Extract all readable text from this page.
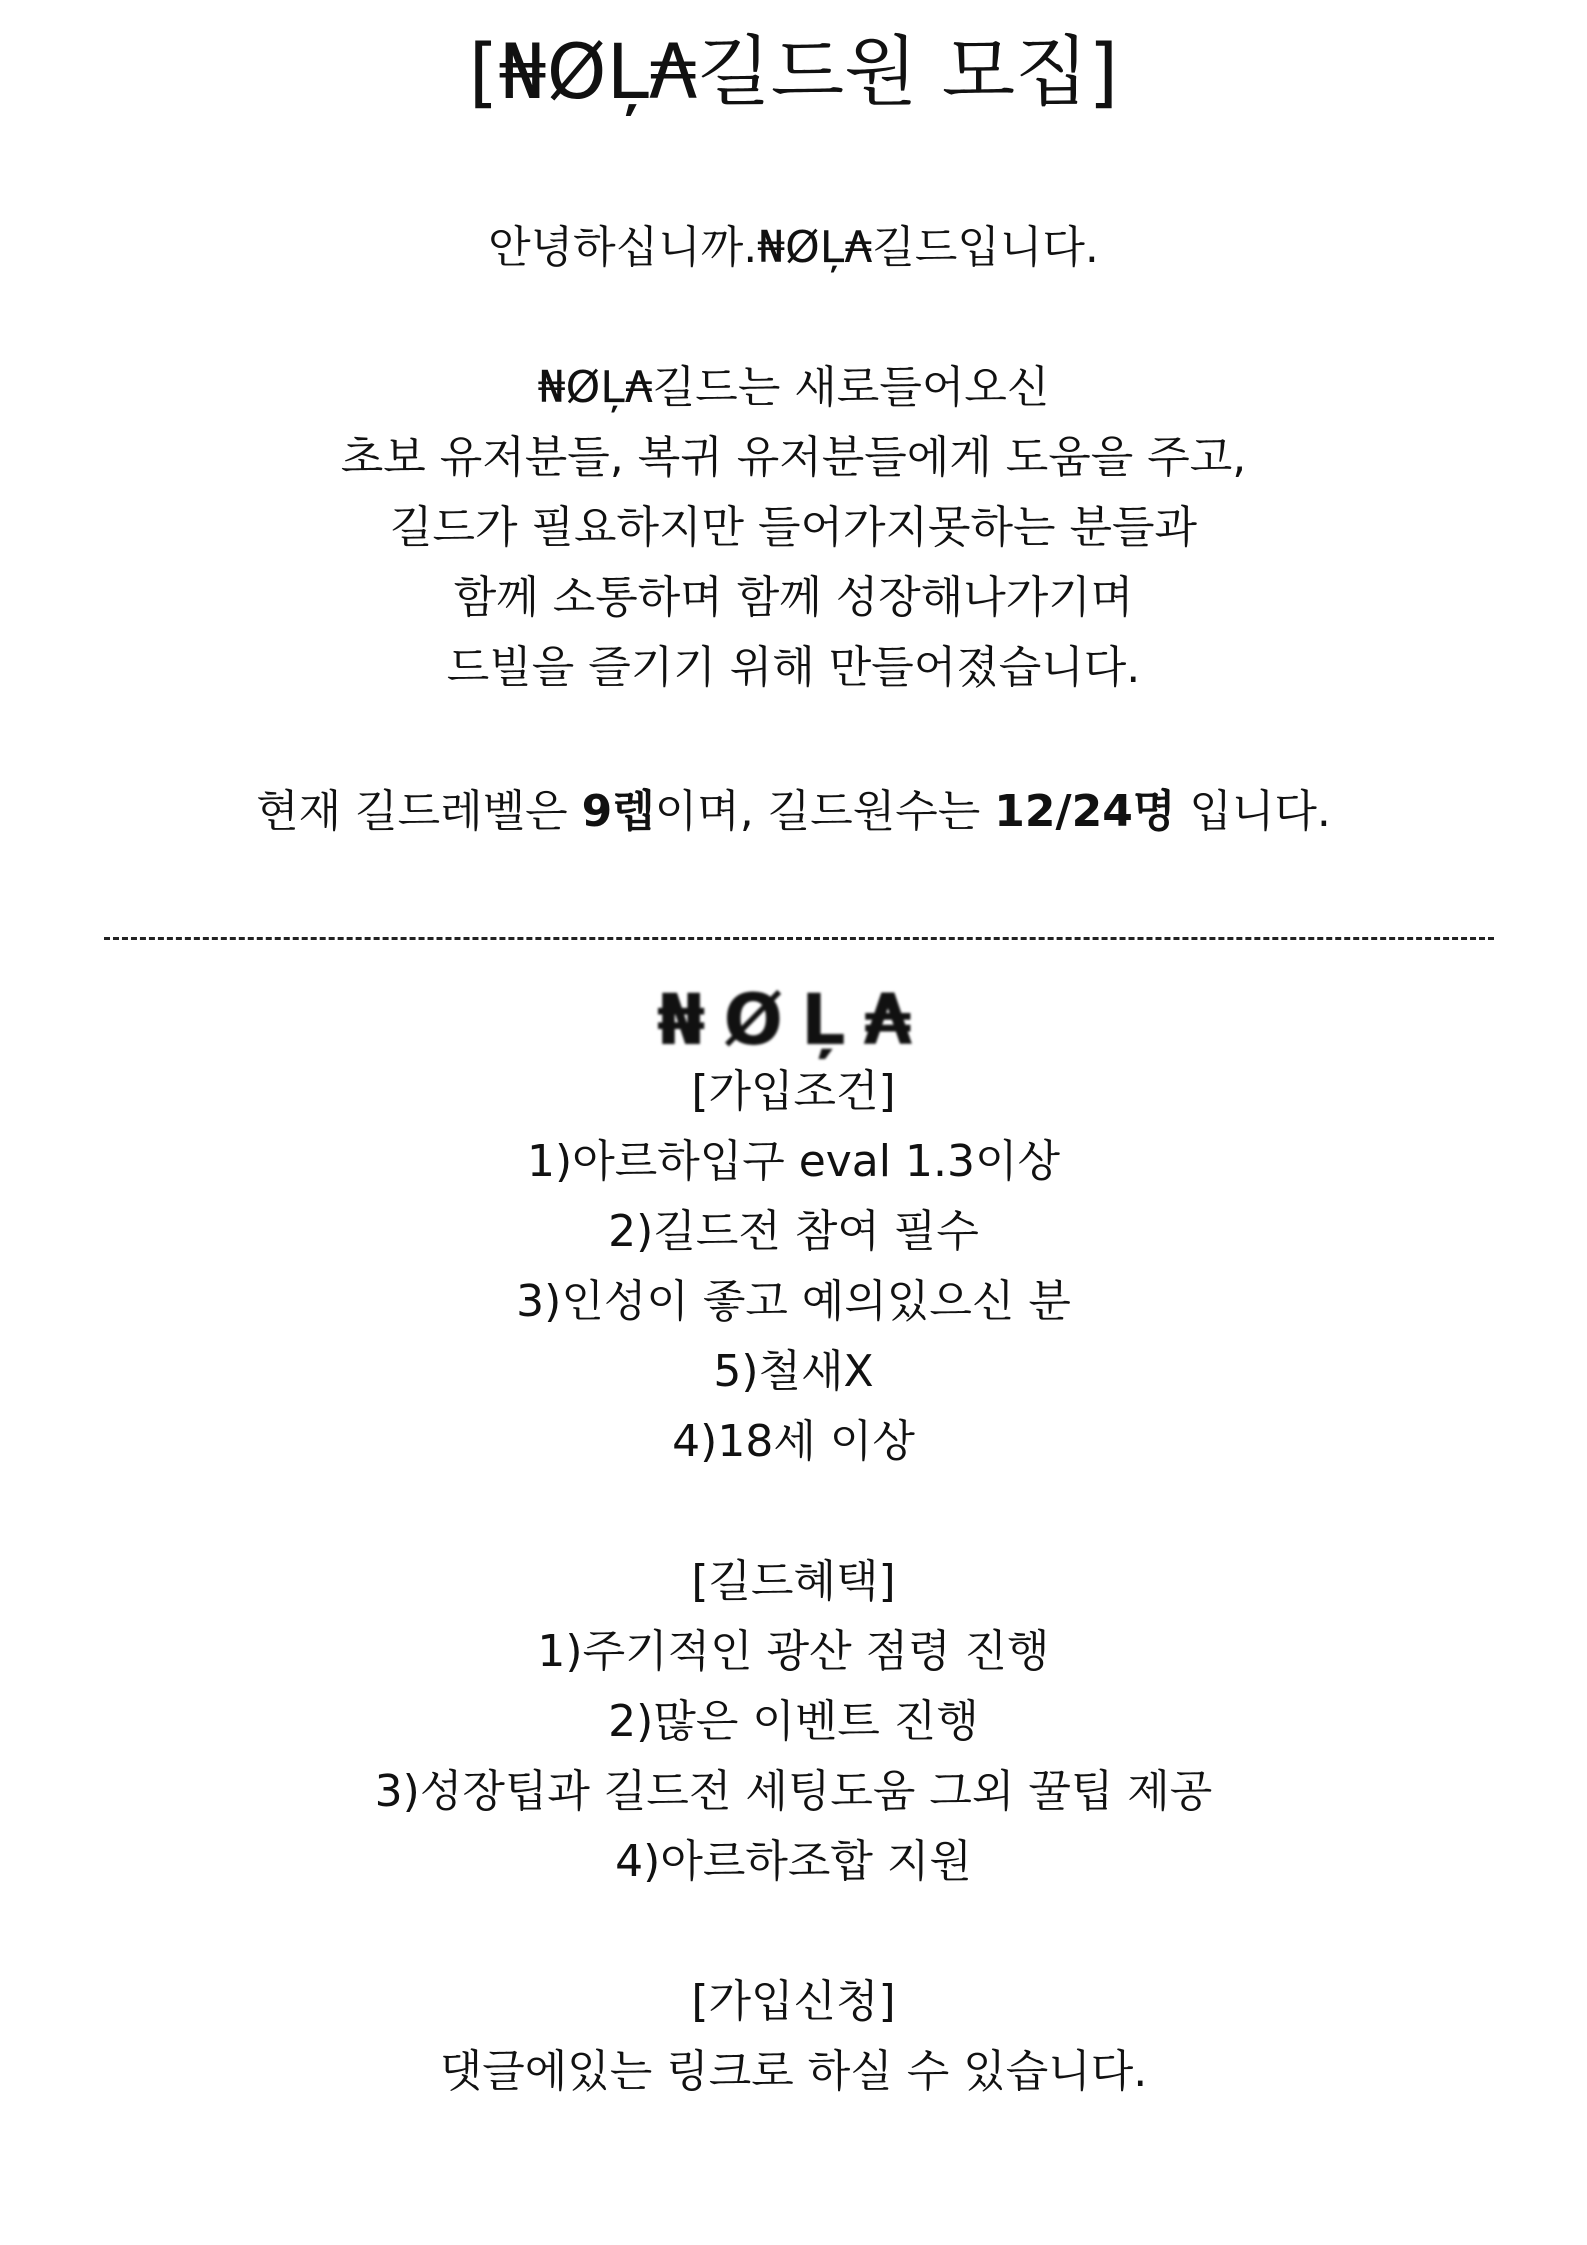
[₦ØĻ₳길드원 모집]
안녕하십니까.₦ØĻ₳길드입니다.
₦ØĻ₳길드는 새로들어오신
초보 유저분들, 복귀 유저분들에게 도움을 주고,
길드가 필요하지만 들어가지못하는 분들과
함께 소통하며 함께 성장해나가기며
드빌을 즐기기 위해 만들어졌습니다.
현재 길드레벨은 9렙이며, 길드원수는 12/24명 입니다.
₦ØĻ₳
[가입조건]
1)아르하입구 eval 1.3이상
2)길드전 참여 필수
3)인성이 좋고 예의있으신 분
5)철새X
4)18세 이상
[길드혜택]
1)주기적인 광산 점령 진행
2)많은 이벤트 진행
3)성장팁과 길드전 세팅도움 그외 꿀팁 제공
4)아르하조합 지원
[가입신청]
댓글에있는 링크로 하실 수 있습니다.
